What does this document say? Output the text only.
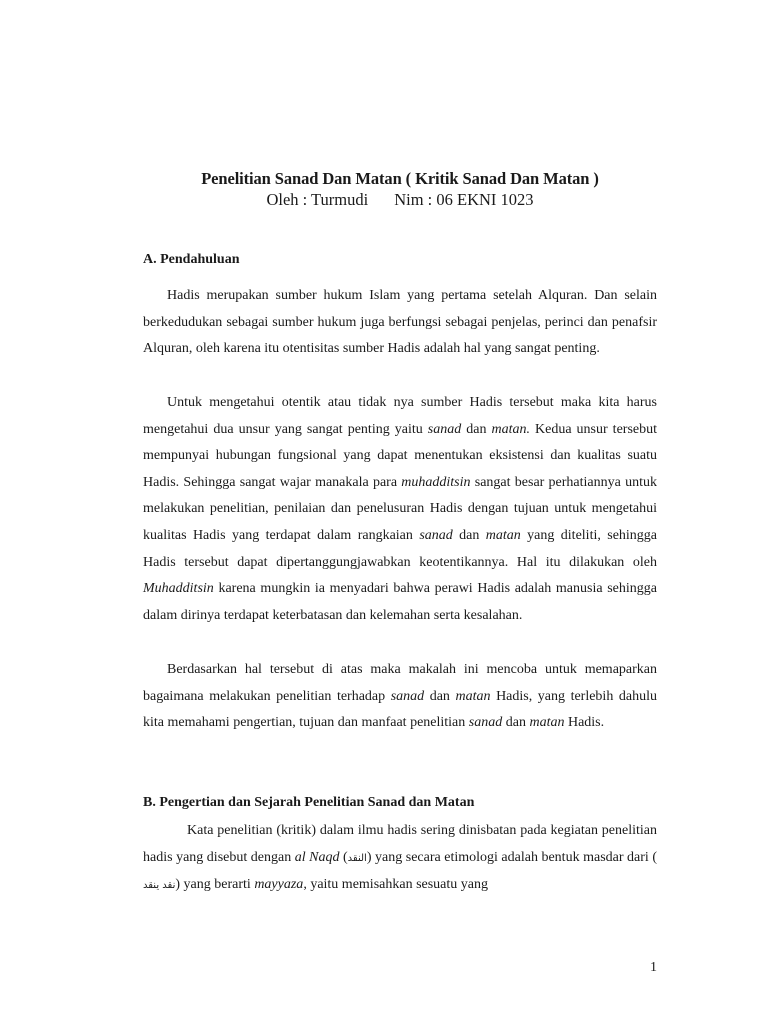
Penelitian Sanad Dan Matan ( Kritik Sanad Dan Matan )
Oleh : Turmudi Nim : 06 EKNI 1023
A. Pendahuluan
Hadis merupakan sumber hukum Islam yang pertama setelah Alquran. Dan selain berkedudukan sebagai sumber hukum juga berfungsi sebagai penjelas, perinci dan penafsir Alquran, oleh karena itu otentisitas sumber Hadis adalah hal yang sangat penting.
Untuk mengetahui otentik atau tidak nya sumber Hadis tersebut maka kita harus mengetahui dua unsur yang sangat penting yaitu sanad dan matan. Kedua unsur tersebut mempunyai hubungan fungsional yang dapat menentukan eksistensi dan kualitas suatu Hadis. Sehingga sangat wajar manakala para muhadditsin sangat besar perhatiannya untuk melakukan penelitian, penilaian dan penelusuran Hadis dengan tujuan untuk mengetahui kualitas Hadis yang terdapat dalam rangkaian sanad dan matan yang diteliti, sehingga Hadis tersebut dapat dipertanggungjawabkan keotentikannya. Hal itu dilakukan oleh Muhadditsin karena mungkin ia menyadari bahwa perawi Hadis adalah manusia sehingga dalam dirinya terdapat keterbatasan dan kelemahan serta kesalahan.
Berdasarkan hal tersebut di atas maka makalah ini mencoba untuk memaparkan bagaimana melakukan penelitian terhadap sanad dan matan Hadis, yang terlebih dahulu kita memahami pengertian, tujuan dan manfaat penelitian sanad dan matan Hadis.
B. Pengertian dan Sejarah Penelitian Sanad dan Matan
Kata penelitian (kritik) dalam ilmu hadis sering dinisbatan pada kegiatan penelitian hadis yang disebut dengan al Naqd (النقد) yang secara etimologi adalah bentuk masdar dari ( نقد ينقد) yang berarti mayyaza, yaitu memisahkan sesuatu yang
1
